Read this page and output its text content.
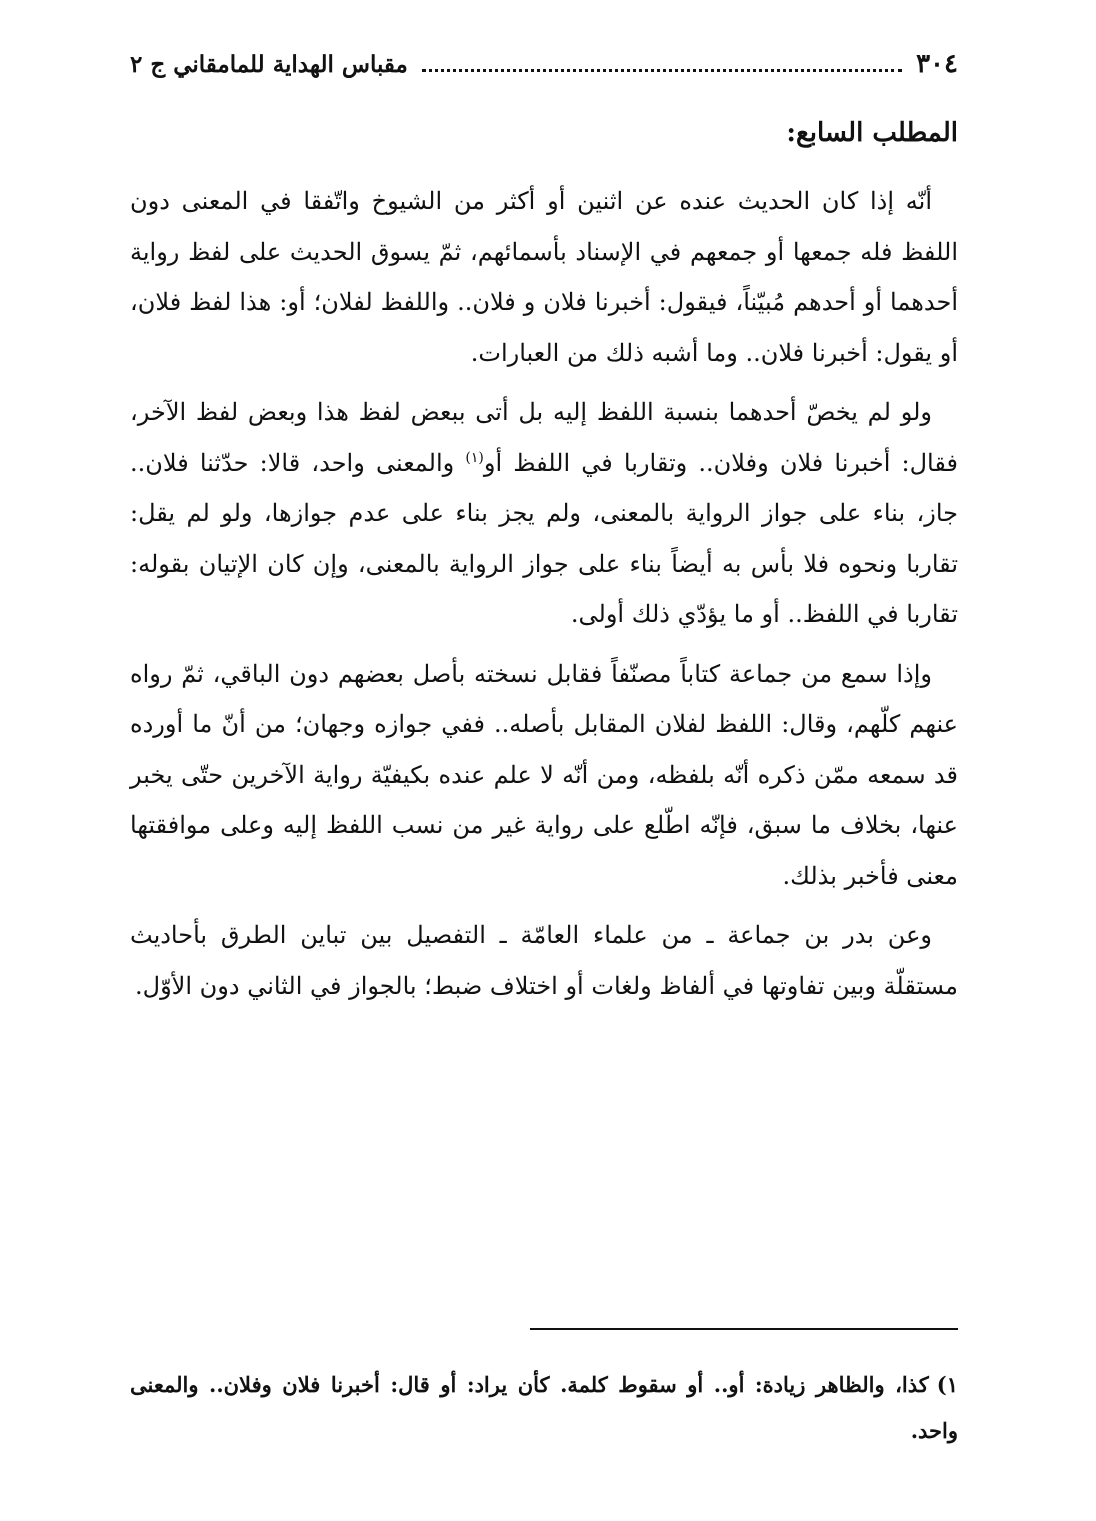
٣٠٤
مقباس الهداية للمامقاني ج ٢
المطلب السابع:

أنّه إذا كان الحديث عنده عن اثنين أو أكثر من الشيوخ واتّفقا في المعنى دون اللفظ فله جمعها أو جمعهم في الإسناد بأسمائهم، ثمّ يسوق الحديث على لفظ رواية أحدهما أو أحدهم مُبيّناً، فيقول: أخبرنا فلان و فلان.. واللفظ لفلان؛ أو: هذا لفظ فلان، أو يقول: أخبرنا فلان.. وما أشبه ذلك من العبارات.

ولو لم يخصّ أحدهما بنسبة اللفظ إليه بل أتى ببعض لفظ هذا وبعض لفظ الآخر، فقال: أخبرنا فلان وفلان.. وتقاربا في اللفظ أو$^{(١)}$ والمعنى واحد، قالا: حدّثنا فلان.. جاز، بناء على جواز الرواية بالمعنى، ولم يجز بناء على عدم جوازها، ولو لم يقل: تقاربا ونحوه فلا بأس به أيضاً بناء على جواز الرواية بالمعنى، وإن كان الإتيان بقوله: تقاربا في اللفظ.. أو ما يؤدّي ذلك أولى.

وإذا سمع من جماعة كتاباً مصنّفاً فقابل نسخته بأصل بعضهم دون الباقي، ثمّ رواه عنهم كلّهم، وقال: اللفظ لفلان المقابل بأصله.. ففي جوازه وجهان؛ من أنّ ما أورده قد سمعه ممّن ذكره أنّه بلفظه، ومن أنّه لا علم عنده بكيفيّة رواية الآخرين حتّى يخبر عنها، بخلاف ما سبق، فإنّه اطّلع على رواية غير من نسب اللفظ إليه وعلى موافقتها معنى فأخبر بذلك.

وعن بدر بن جماعة ـ من علماء العامّة ـ التفصيل بين تباين الطرق بأحاديث مستقلّة وبين تفاوتها في ألفاظ ولغات أو اختلاف ضبط؛ بالجواز في الثاني دون الأوّل.

١)كذا، والظاهر زيادة: أو.. أو سقوط كلمة. كأن يراد: أو قال: أخبرنا فلان وفلان.. والمعنى واحد.
